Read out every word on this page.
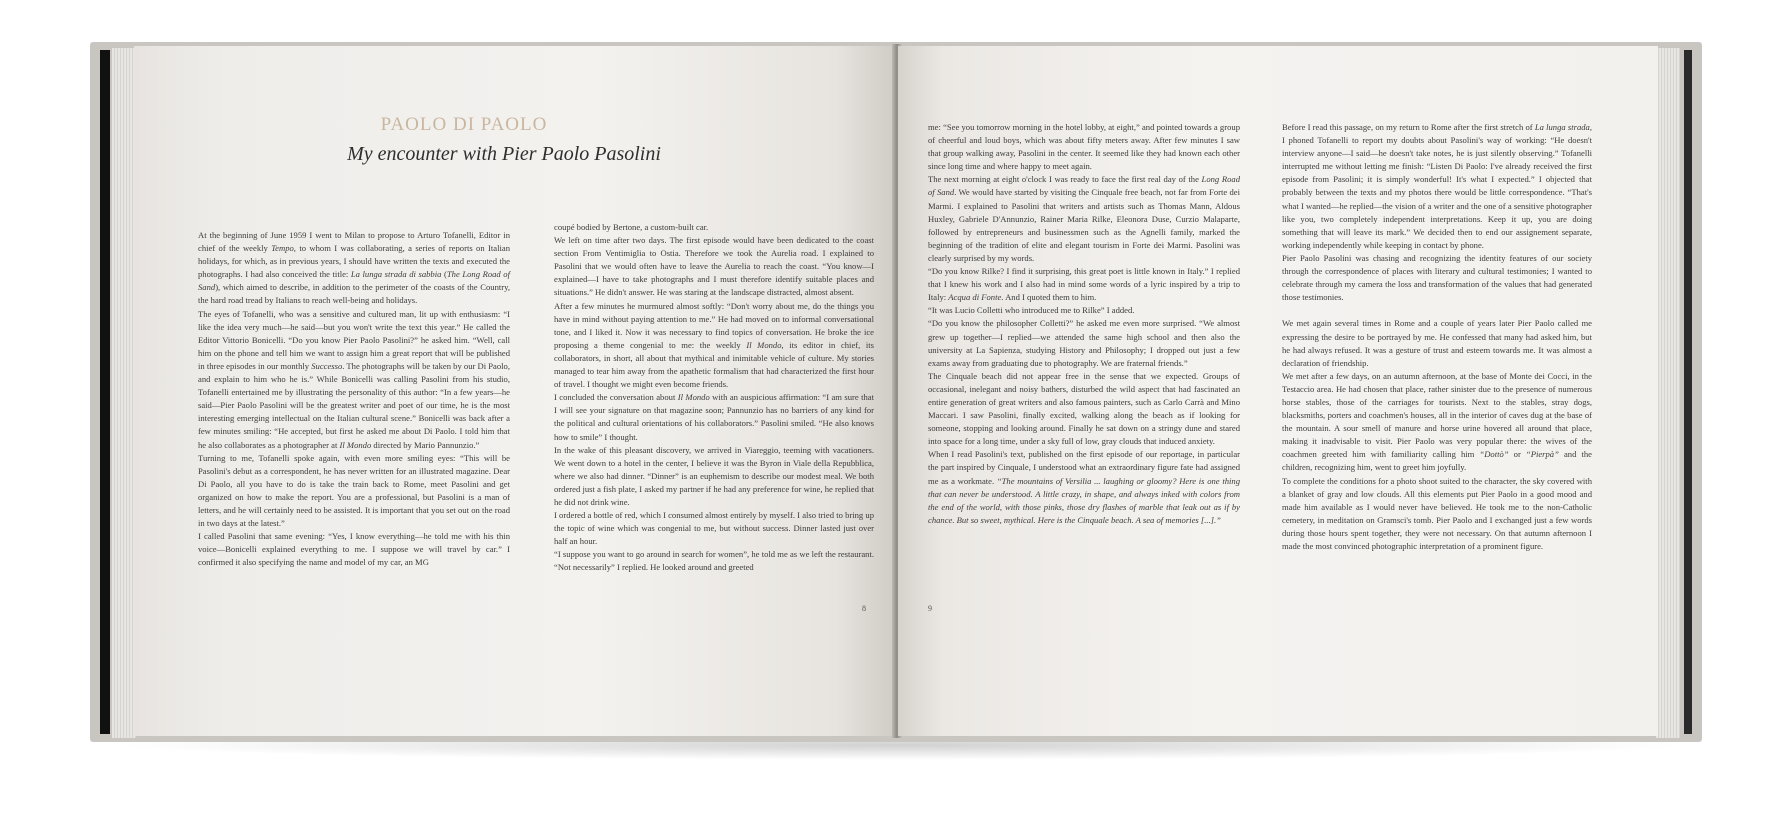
PAOLO DI PAOLO
My encounter with Pier Paolo Pasolini

At the beginning of June 1959 I went to Milan to propose to Arturo Tofanelli, Editor in chief of the weekly Tempo, to whom I was collaborating, a series of reports on Italian holidays, for which, as in previous years, I should have written the texts and executed the photographs. I had also conceived the title: La lunga strada di sabbia (The Long Road of Sand), which aimed to describe, in addition to the perimeter of the coasts of the Country, the hard road tread by Italians to reach well-being and holidays.

The eyes of Tofanelli, who was a sensitive and cultured man, lit up with enthusiasm: “I like the idea very much—he said—but you won't write the text this year.” He called the Editor Vittorio Bonicelli. “Do you know Pier Paolo Pasolini?” he asked him. “Well, call him on the phone and tell him we want to assign him a great report that will be published in three episodes in our monthly Successo. The photographs will be taken by our Di Paolo, and explain to him who he is.” While Bonicelli was calling Pasolini from his studio, Tofanelli entertained me by illustrating the personality of this author: “In a few years—he said—Pier Paolo Pasolini will be the greatest writer and poet of our time, he is the most interesting emerging intellectual on the Italian cultural scene.” Bonicelli was back after a few minutes smiling: “He accepted, but first he asked me about Di Paolo. I told him that he also collaborates as a photographer at Il Mondo directed by Mario Pannunzio.”

Turning to me, Tofanelli spoke again, with even more smiling eyes: “This will be Pasolini's debut as a correspondent, he has never written for an illustrated magazine. Dear Di Paolo, all you have to do is take the train back to Rome, meet Pasolini and get organized on how to make the report. You are a professional, but Pasolini is a man of letters, and he will certainly need to be assisted. It is important that you set out on the road in two days at the latest.”

I called Pasolini that same evening: “Yes, I know everything—he told me with his thin voice—Bonicelli explained everything to me. I suppose we will travel by car.” I confirmed it also specifying the name and model of my car, an MG

coupé bodied by Bertone, a custom-built car.

We left on time after two days. The first episode would have been dedicated to the coast section From Ventimiglia to Ostia. Therefore we took the Aurelia road. I explained to Pasolini that we would often have to leave the Aurelia to reach the coast. “You know—I explained—I have to take photographs and I must therefore identify suitable places and situations.” He didn't answer. He was staring at the landscape distracted, almost absent.

After a few minutes he murmured almost softly: “Don't worry about me, do the things you have in mind without paying attention to me.” He had moved on to informal conversational tone, and I liked it. Now it was necessary to find topics of conversation. He broke the ice proposing a theme congenial to me: the weekly Il Mondo, its editor in chief, its collaborators, in short, all about that mythical and inimitable vehicle of culture. My stories managed to tear him away from the apathetic formalism that had characterized the first hour of travel. I thought we might even become friends.

I concluded the conversation about Il Mondo with an auspicious affirmation: “I am sure that I will see your signature on that magazine soon; Pannunzio has no barriers of any kind for the political and cultural orientations of his collaborators.” Pasolini smiled. “He also knows how to smile” I thought.

In the wake of this pleasant discovery, we arrived in Viareggio, teeming with vacationers. We went down to a hotel in the center, I believe it was the Byron in Viale della Repubblica, where we also had dinner. “Dinner” is an euphemism to describe our modest meal. We both ordered just a fish plate, I asked my partner if he had any preference for wine, he replied that he did not drink wine.

I ordered a bottle of red, which I consumed almost entirely by myself. I also tried to bring up the topic of wine which was congenial to me, but without success. Dinner lasted just over half an hour.

“I suppose you want to go around in search for women”, he told me as we left the restaurant. “Not necessarily” I replied. He looked around and greeted

8

me: “See you tomorrow morning in the hotel lobby, at eight,” and pointed towards a group of cheerful and loud boys, which was about fifty meters away. After few minutes I saw that group walking away, Pasolini in the center. It seemed like they had known each other since long time and where happy to meet again.

The next morning at eight o'clock I was ready to face the first real day of the Long Road of Sand. We would have started by visiting the Cinquale free beach, not far from Forte dei Marmi. I explained to Pasolini that writers and artists such as Thomas Mann, Aldous Huxley, Gabriele D'Annunzio, Rainer Maria Rilke, Eleonora Duse, Curzio Malaparte, followed by entrepreneurs and businessmen such as the Agnelli family, marked the beginning of the tradition of elite and elegant tourism in Forte dei Marmi. Pasolini was clearly surprised by my words.

“Do you know Rilke? I find it surprising, this great poet is little known in Italy.” I replied that I knew his work and I also had in mind some words of a lyric inspired by a trip to Italy: Acqua di Fonte. And I quoted them to him.

“It was Lucio Colletti who introduced me to Rilke” I added.

“Do you know the philosopher Colletti?” he asked me even more surprised. “We almost grew up together—I replied—we attended the same high school and then also the university at La Sapienza, studying History and Philosophy; I dropped out just a few exams away from graduating due to photography. We are fraternal friends.”

The Cinquale beach did not appear free in the sense that we expected. Groups of occasional, inelegant and noisy bathers, disturbed the wild aspect that had fascinated an entire generation of great writers and also famous painters, such as Carlo Carrà and Mino Maccari. I saw Pasolini, finally excited, walking along the beach as if looking for someone, stopping and looking around. Finally he sat down on a stringy dune and stared into space for a long time, under a sky full of low, gray clouds that induced anxiety.

When I read Pasolini's text, published on the first episode of our reportage, in particular the part inspired by Cinquale, I understood what an extraordinary figure fate had assigned me as a workmate. “The mountains of Versilia ... laughing or gloomy? Here is one thing that can never be understood. A little crazy, in shape, and always inked with colors from the end of the world, with those pinks, those dry flashes of marble that leak out as if by chance. But so sweet, mythical. Here is the Cinquale beach. A sea of memories [...].”

Before I read this passage, on my return to Rome after the first stretch of La lunga strada, I phoned Tofanelli to report my doubts about Pasolini's way of working: “He doesn't interview anyone—I said—he doesn't take notes, he is just silently observing.” Tofanelli interrupted me without letting me finish: “Listen Di Paolo: I've already received the first episode from Pasolini; it is simply wonderful! It's what I expected.” I objected that probably between the texts and my photos there would be little correspondence. “That's what I wanted—he replied—the vision of a writer and the one of a sensitive photographer like you, two completely independent interpretations. Keep it up, you are doing something that will leave its mark.” We decided then to end our assignement separate, working independently while keeping in contact by phone.

Pier Paolo Pasolini was chasing and recognizing the identity features of our society through the correspondence of places with literary and cultural testimonies; I wanted to celebrate through my camera the loss and transformation of the values that had generated those testimonies.

We met again several times in Rome and a couple of years later Pier Paolo called me expressing the desire to be portrayed by me. He confessed that many had asked him, but he had always refused. It was a gesture of trust and esteem towards me. It was almost a declaration of friendship.

We met after a few days, on an autumn afternoon, at the base of Monte dei Cocci, in the Testaccio area. He had chosen that place, rather sinister due to the presence of numerous horse stables, those of the carriages for tourists. Next to the stables, stray dogs, blacksmiths, porters and coachmen's houses, all in the interior of caves dug at the base of the mountain. A sour smell of manure and horse urine hovered all around that place, making it inadvisable to visit. Pier Paolo was very popular there: the wives of the coachmen greeted him with familiarity calling him “Dottò” or “Pierpà” and the children, recognizing him, went to greet him joyfully.

To complete the conditions for a photo shoot suited to the character, the sky covered with a blanket of gray and low clouds. All this elements put Pier Paolo in a good mood and made him available as I would never have believed. He took me to the non-Catholic cemetery, in meditation on Gramsci's tomb. Pier Paolo and I exchanged just a few words during those hours spent together, they were not necessary. On that autumn afternoon I made the most convinced photographic interpretation of a prominent figure.

9
